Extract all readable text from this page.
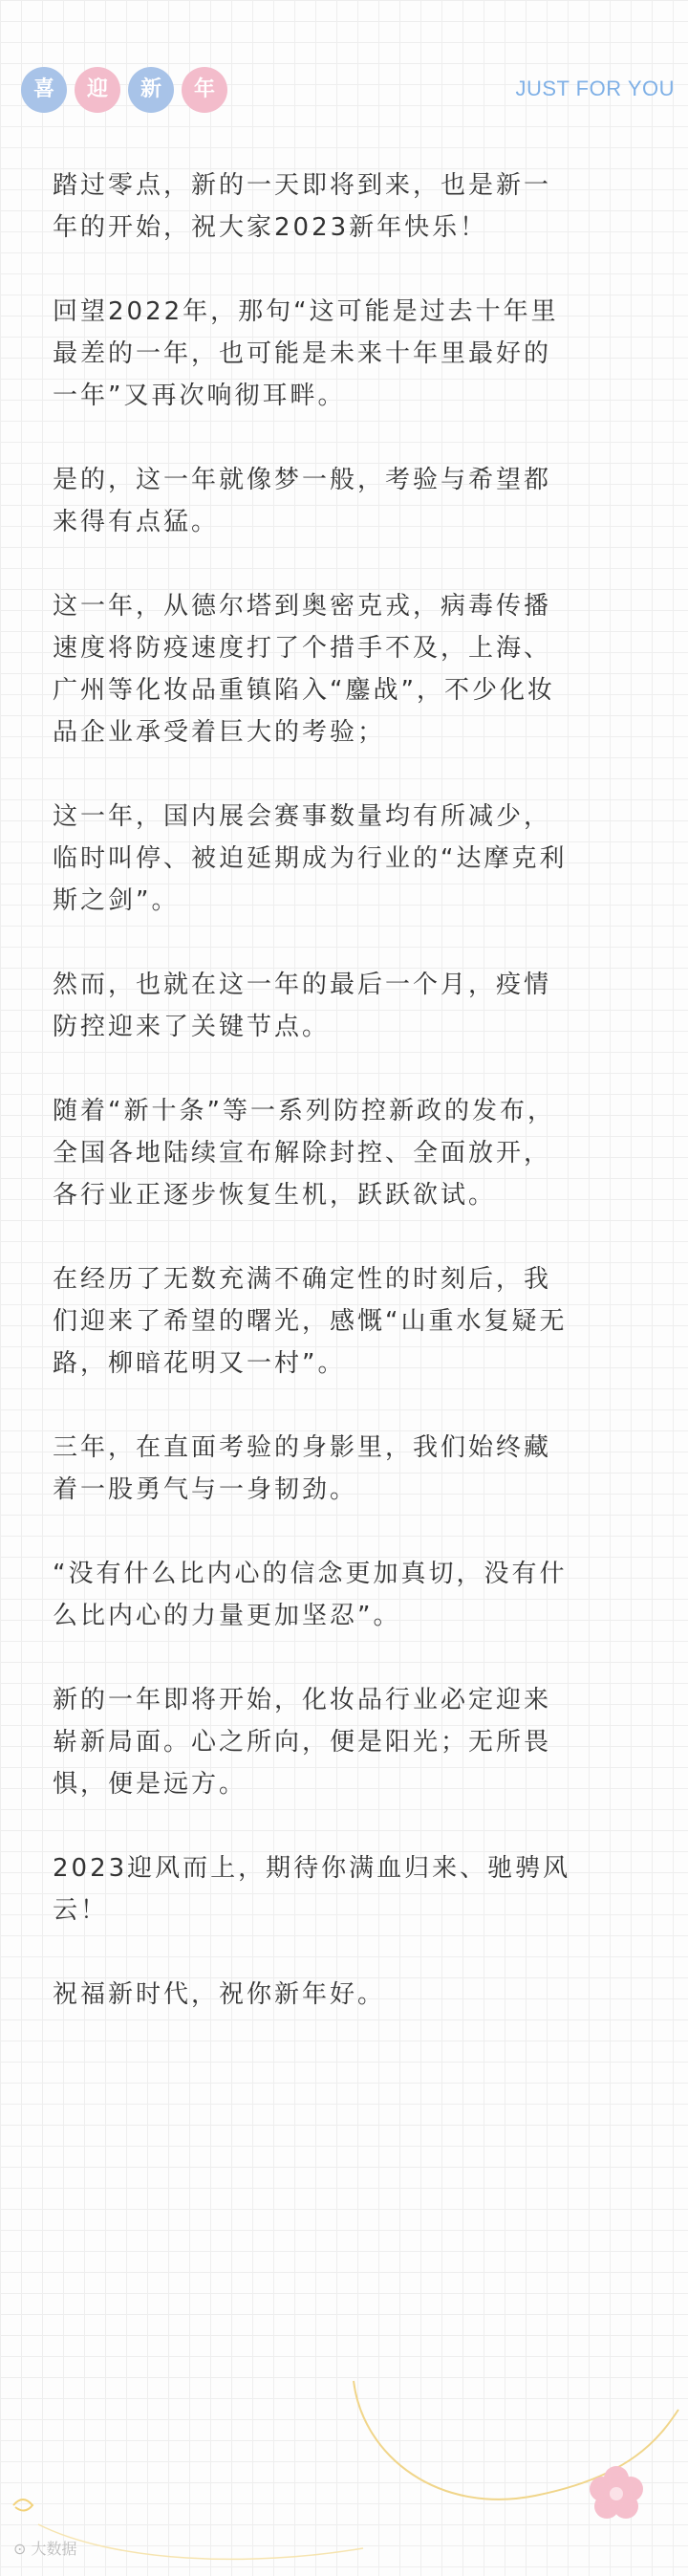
喜	迎	新	年	JUST FOR YOU

踏过零点，新的一天即将到来，也是新一
年的开始，祝大家2023新年快乐！

回望2022年，那句“这可能是过去十年里
最差的一年，也可能是未来十年里最好的
一年”又再次响彻耳畔。

是的，这一年就像梦一般，考验与希望都
来得有点猛。

这一年，从德尔塔到奥密克戎，病毒传播
速度将防疫速度打了个措手不及，上海、
广州等化妆品重镇陷入“鏖战”，不少化妆
品企业承受着巨大的考验；

这一年，国内展会赛事数量均有所减少，
临时叫停、被迫延期成为行业的“达摩克利
斯之剑”。

然而，也就在这一年的最后一个月，疫情
防控迎来了关键节点。

随着“新十条”等一系列防控新政的发布，
全国各地陆续宣布解除封控、全面放开，
各行业正逐步恢复生机，跃跃欲试。

在经历了无数充满不确定性的时刻后，我
们迎来了希望的曙光，感慨“山重水复疑无
路，柳暗花明又一村”。

三年，在直面考验的身影里，我们始终藏
着一股勇气与一身韧劲。

“没有什么比内心的信念更加真切，没有什
么比内心的力量更加坚忍”。

新的一年即将开始，化妆品行业必定迎来
崭新局面。心之所向，便是阳光；无所畏
惧，便是远方。

2023迎风而上，期待你满血归来、驰骋风
云！

祝福新时代，祝你新年好。

⊙ 大数据
